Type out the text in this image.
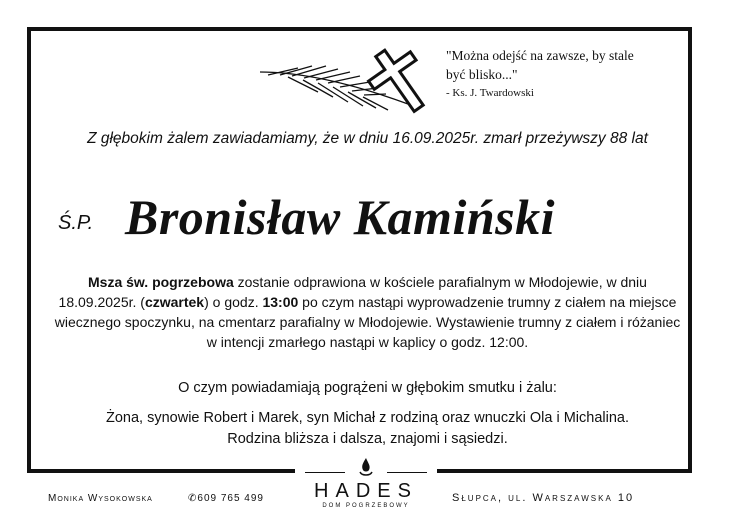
"Można odejść na zawsze, by stale
być blisko..."
- Ks. J. Twardowski
Z głębokim żalem zawiadamiamy, że w dniu 16.09.2025r. zmarł przeżywszy 88 lat
Ś.P. Bronisław Kamiński
Msza św. pogrzebowa zostanie odprawiona w kościele parafialnym w Młodojewie, w dniu 18.09.2025r. (czwartek) o godz. 13:00 po czym nastąpi wyprowadzenie trumny z ciałem na miejsce wiecznego spoczynku, na cmentarz parafialny w Młodojewie. Wystawienie trumny z ciałem i różaniec w intencji zmarłego nastąpi w kaplicy o godz. 12:00.
O czym powiadamiają pogrążeni w głębokim smutku i żalu:
Żona, synowie Robert i Marek, syn Michał z rodziną oraz wnuczki Ola i Michalina.
Rodzina bliższa i dalsza, znajomi i sąsiedzi.
Monika Wysokowska	✆609 765 499	Słupca, ul. Warszawska 10
HADES
DOM POGRZEBOWY
